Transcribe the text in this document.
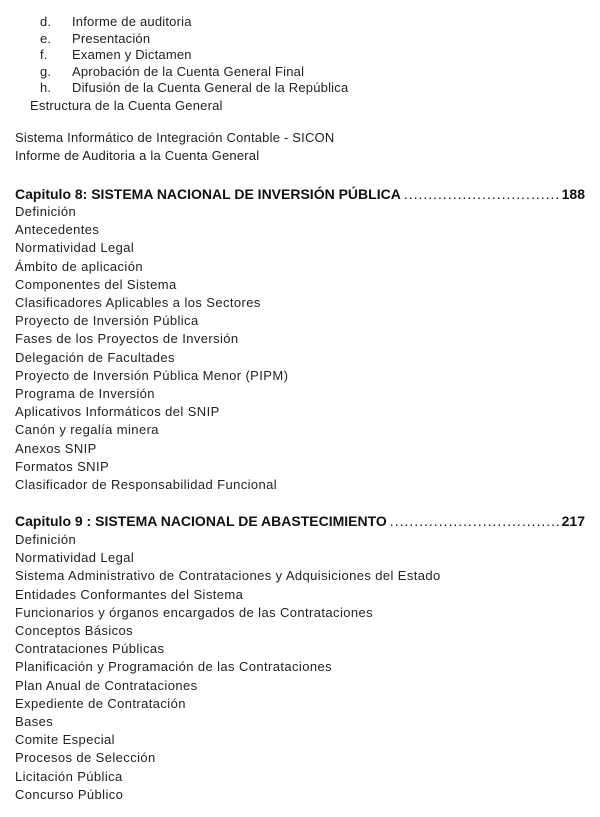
d. Informe de auditoria
e. Presentación
f. Examen y Dictamen
g. Aprobación de la Cuenta General Final
h. Difusión de la Cuenta General de la República
Estructura de la Cuenta General
Sistema Informático de Integración Contable - SICON
Informe de Auditoria a la Cuenta General
Capitulo 8: SISTEMA NACIONAL DE INVERSIÓN PÚBLICA .....	188
Definición
Antecedentes
Normatividad Legal
Ámbito de aplicación
Componentes del Sistema
Clasificadores Aplicables a los Sectores
Proyecto de Inversión Pública
Fases de los Proyectos de Inversión
Delegación de Facultades
Proyecto de Inversión Pública Menor (PIPM)
Programa de Inversión
Aplicativos Informáticos del SNIP
Canón y regalía minera
Anexos SNIP
Formatos SNIP
Clasificador de Responsabilidad Funcional
Capitulo 9 : SISTEMA NACIONAL DE ABASTECIMIENTO .....	217
Definición
Normatividad Legal
Sistema Administrativo de Contrataciones y Adquisiciones del Estado
Entidades Conformantes del Sistema
Funcionarios y órganos encargados de las Contrataciones
Conceptos Básicos
Contrataciones Públicas
Planificación y Programación de las Contrataciones
Plan Anual de Contrataciones
Expediente de Contratación
Bases
Comite Especial
Procesos de Selección
Licitación Pública
Concurso Público
